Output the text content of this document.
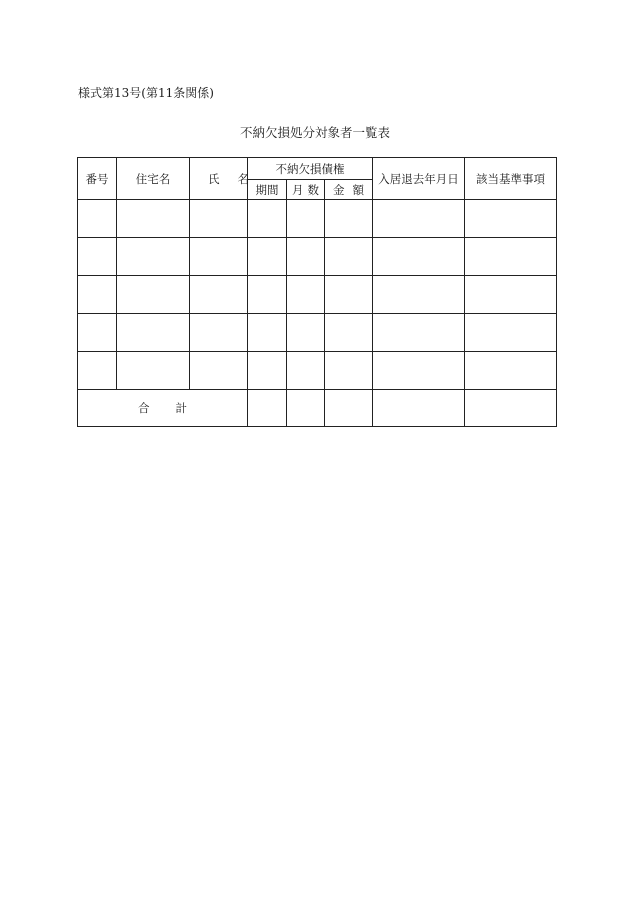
様式第13号(第11条関係)
不納欠損処分対象者一覧表
番号	住宅名	氏名	不納欠損債権			入居退去年月日	該当基準事項
			期間	月数	金額		

合計							
